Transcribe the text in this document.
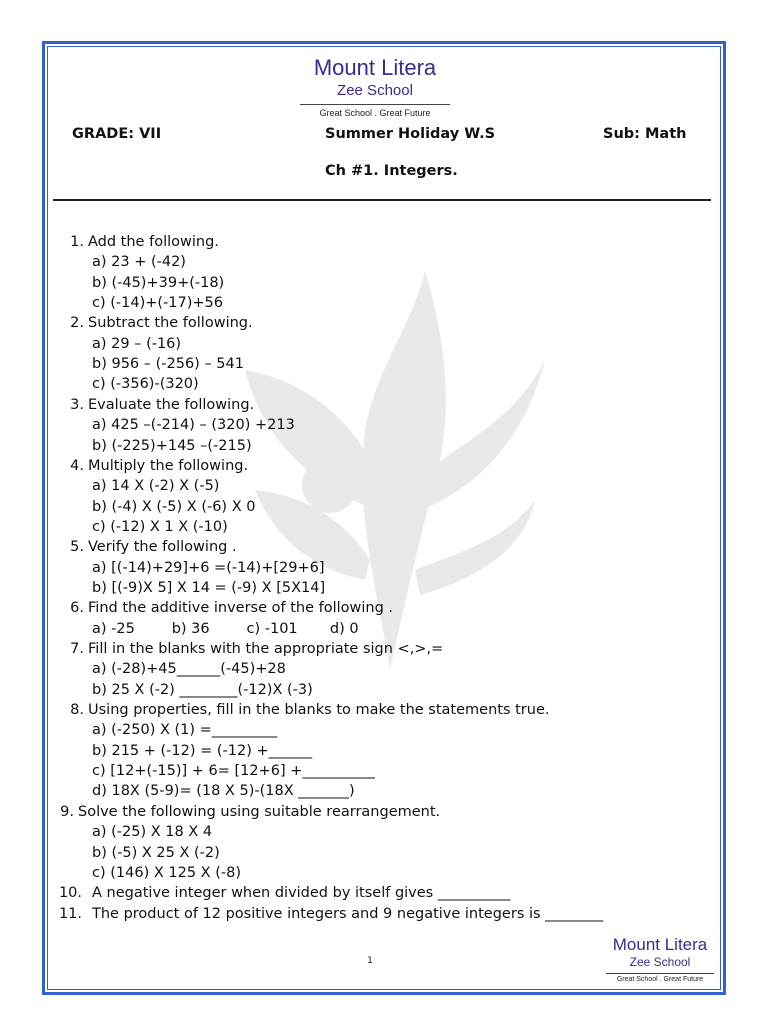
Mount Litera
Zee School
Great School . Great Future
GRADE: VII	Summer Holiday W.S	Sub: Math
Ch #1. Integers.
1. Add the following.
a) 23 + (-42)
b) (-45)+39+(-18)
c) (-14)+(-17)+56
2. Subtract the following.
a) 29 – (-16)
b) 956 – (-256) – 541
c) (-356)-(320)
3. Evaluate the following.
a) 425 –(-214) – (320) +213
b) (-225)+145 –(-215)
4. Multiply the following.
a) 14 X (-2) X (-5)
b) (-4) X (-5) X (-6) X 0
c) (-12) X 1 X (-10)
5. Verify the following .
a) [(-14)+29]+6 =(-14)+[29+6]
b) [(-9)X 5] X 14 = (-9) X [5X14]
6. Find the additive inverse of the following .
a) -25        b) 36        c) -101       d) 0
7. Fill in the blanks with the appropriate sign <,>,=
a) (-28)+45______(-45)+28
b) 25 X (-2) ________(-12)X (-3)
8. Using properties, fill in the blanks to make the statements true.
a) (-250) X (1) =_________
b) 215 + (-12) = (-12) +______
c) [12+(-15)] + 6= [12+6] +__________
d) 18X (5-9)= (18 X 5)-(18X _______)
9. Solve the following using suitable rearrangement.
a) (-25) X 18 X 4
b) (-5) X 25 X (-2)
c) (146) X 125 X (-8)
10. A negative integer when divided by itself gives __________
11. The product of 12 positive integers and 9 negative integers is ________
Mount Litera
Zee School
Great School . Great Future
1
